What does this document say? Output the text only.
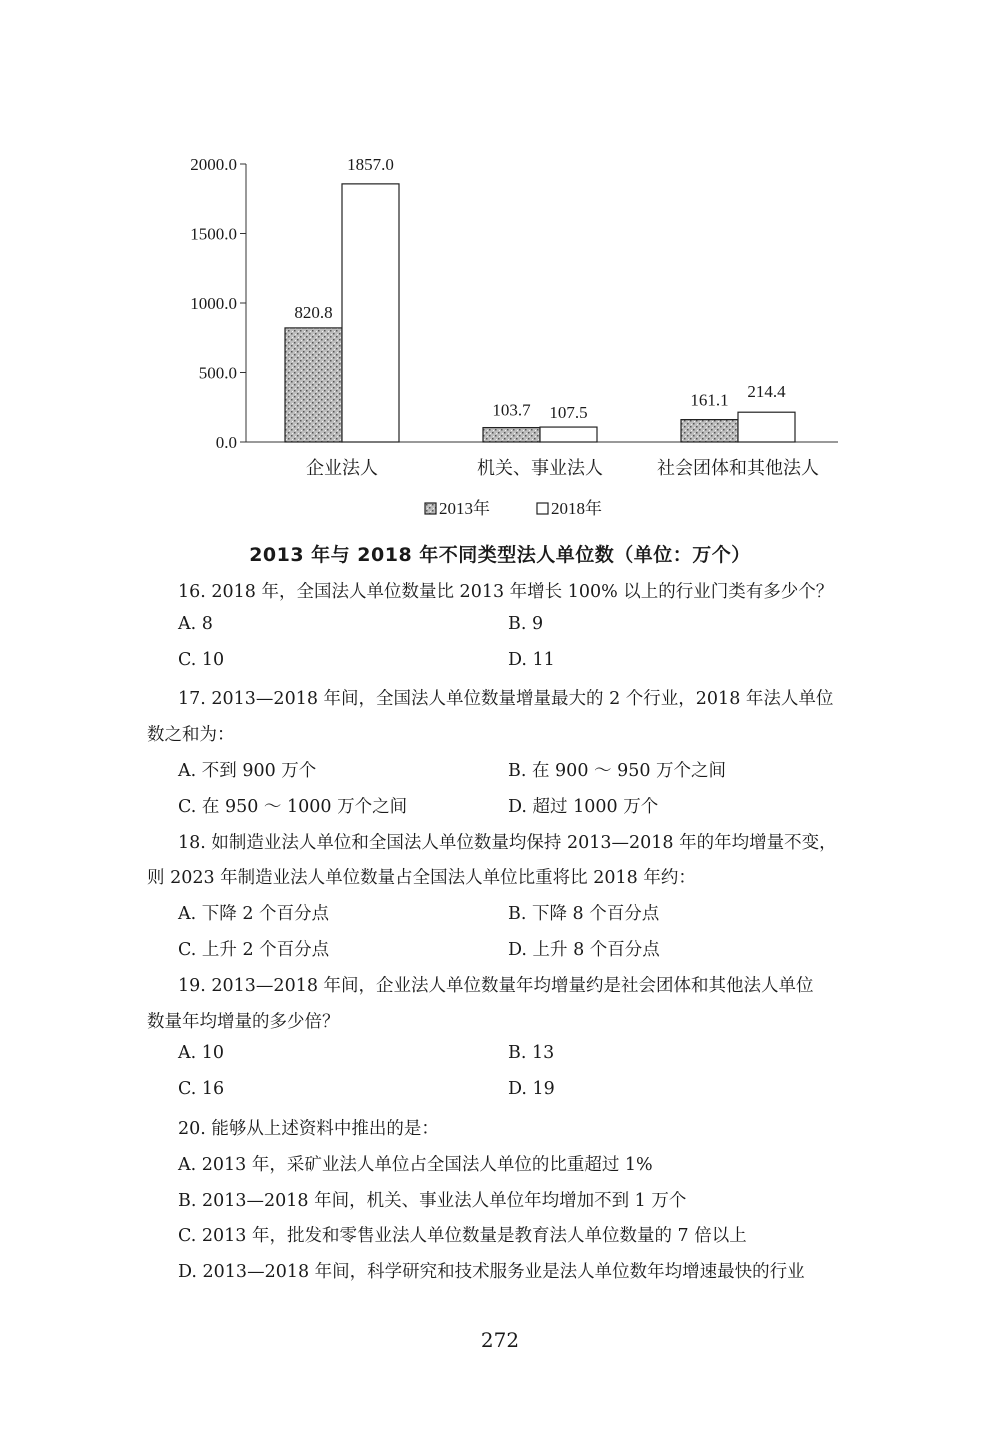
0.0
500.0
1000.0
1500.0
2000.0
820.8
1857.0
企业法人
103.7 107.5
机关、事业法人
161.1 214.4
社会团体和其他法人
2013年	2018年
2013 年与 2018 年不同类型法人单位数（单位：万个）
16. 2018 年，全国法人单位数量比 2013 年增长 100% 以上的行业门类有多少个？
A. 8	B. 9
C. 10	D. 11
17. 2013—2018 年间，全国法人单位数量增量最大的 2 个行业，2018 年法人单位
数之和为：
A. 不到 900 万个	B. 在 900 ～ 950 万个之间
C. 在 950 ～ 1000 万个之间	D. 超过 1000 万个
18. 如制造业法人单位和全国法人单位数量均保持 2013—2018 年的年均增量不变，
则 2023 年制造业法人单位数量占全国法人单位比重将比 2018 年约：
A. 下降 2 个百分点	B. 下降 8 个百分点
C. 上升 2 个百分点	D. 上升 8 个百分点
19. 2013—2018 年间，企业法人单位数量年均增量约是社会团体和其他法人单位
数量年均增量的多少倍？
A. 10	B. 13
C. 16	D. 19
20. 能够从上述资料中推出的是：
A. 2013 年，采矿业法人单位占全国法人单位的比重超过 1%
B. 2013—2018 年间，机关、事业法人单位年均增加不到 1 万个
C. 2013 年，批发和零售业法人单位数量是教育法人单位数量的 7 倍以上
D. 2013—2018 年间，科学研究和技术服务业是法人单位数年均增速最快的行业
272
